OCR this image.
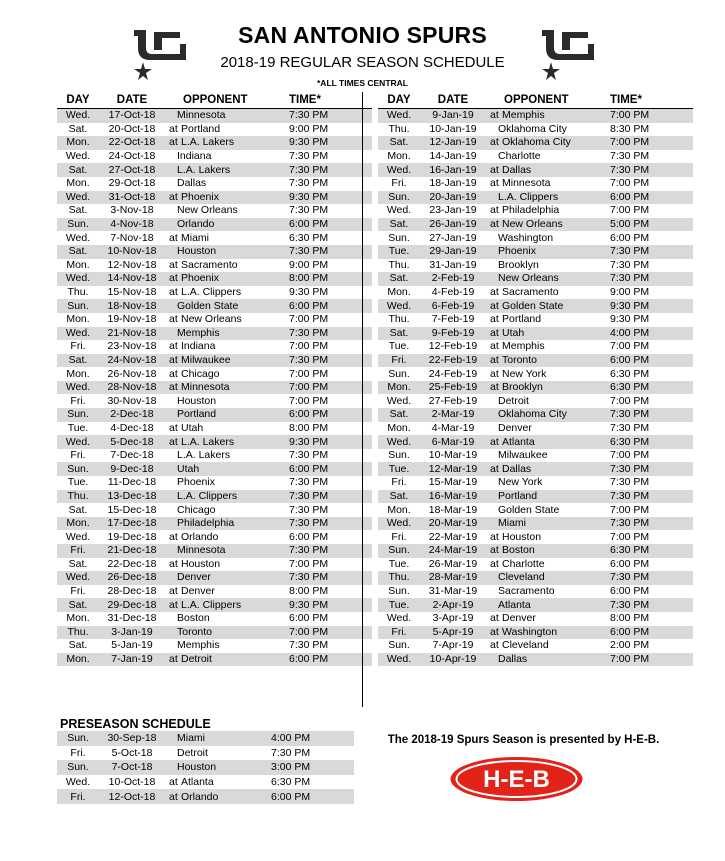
SAN ANTONIO SPURS
2018-19 REGULAR SEASON SCHEDULE
*ALL TIMES CENTRAL
DAY	DATE	OPPONENT	TIME*
Wed.	17-Oct-18	Minnesota	7:30 PM
Sat.	20-Oct-18	at Portland	9:00 PM
Mon.	22-Oct-18	at L.A. Lakers	9:30 PM
Wed.	24-Oct-18	Indiana	7:30 PM
Sat.	27-Oct-18	L.A. Lakers	7:30 PM
Mon.	29-Oct-18	Dallas	7:30 PM
Wed.	31-Oct-18	at Phoenix	9:30 PM
Sat.	3-Nov-18	New Orleans	7:30 PM
Sun.	4-Nov-18	Orlando	6:00 PM
Wed.	7-Nov-18	at Miami	6:30 PM
Sat.	10-Nov-18	Houston	7:30 PM
Mon.	12-Nov-18	at Sacramento	9:00 PM
Wed.	14-Nov-18	at Phoenix	8:00 PM
Thu.	15-Nov-18	at L.A. Clippers	9:30 PM
Sun.	18-Nov-18	Golden State	6:00 PM
Mon.	19-Nov-18	at New Orleans	7:00 PM
Wed.	21-Nov-18	Memphis	7:30 PM
Fri.	23-Nov-18	at Indiana	7:00 PM
Sat.	24-Nov-18	at Milwaukee	7:30 PM
Mon.	26-Nov-18	at Chicago	7:00 PM
Wed.	28-Nov-18	at Minnesota	7:00 PM
Fri.	30-Nov-18	Houston	7:00 PM
Sun.	2-Dec-18	Portland	6:00 PM
Tue.	4-Dec-18	at Utah	8:00 PM
Wed.	5-Dec-18	at L.A. Lakers	9:30 PM
Fri.	7-Dec-18	L.A. Lakers	7:30 PM
Sun.	9-Dec-18	Utah	6:00 PM
Tue.	11-Dec-18	Phoenix	7:30 PM
Thu.	13-Dec-18	L.A. Clippers	7:30 PM
Sat.	15-Dec-18	Chicago	7:30 PM
Mon.	17-Dec-18	Philadelphia	7:30 PM
Wed.	19-Dec-18	at Orlando	6:00 PM
Fri.	21-Dec-18	Minnesota	7:30 PM
Sat.	22-Dec-18	at Houston	7:00 PM
Wed.	26-Dec-18	Denver	7:30 PM
Fri.	28-Dec-18	at Denver	8:00 PM
Sat.	29-Dec-18	at L.A. Clippers	9:30 PM
Mon.	31-Dec-18	Boston	6:00 PM
Thu.	3-Jan-19	Toronto	7:00 PM
Sat.	5-Jan-19	Memphis	7:30 PM
Mon.	7-Jan-19	at Detroit	6:00 PM
DAY	DATE	OPPONENT	TIME*
Wed.	9-Jan-19	at Memphis	7:00 PM
Thu.	10-Jan-19	Oklahoma City	8:30 PM
Sat.	12-Jan-19	at Oklahoma City	7:00 PM
Mon.	14-Jan-19	Charlotte	7:30 PM
Wed.	16-Jan-19	at Dallas	7:30 PM
Fri.	18-Jan-19	at Minnesota	7:00 PM
Sun.	20-Jan-19	L.A. Clippers	6:00 PM
Wed.	23-Jan-19	at Philadelphia	7:00 PM
Sat.	26-Jan-19	at New Orleans	5:00 PM
Sun.	27-Jan-19	Washington	6:00 PM
Tue.	29-Jan-19	Phoenix	7:30 PM
Thu.	31-Jan-19	Brooklyn	7:30 PM
Sat.	2-Feb-19	New Orleans	7:30 PM
Mon.	4-Feb-19	at Sacramento	9:00 PM
Wed.	6-Feb-19	at Golden State	9:30 PM
Thu.	7-Feb-19	at Portland	9:30 PM
Sat.	9-Feb-19	at Utah	4:00 PM
Tue.	12-Feb-19	at Memphis	7:00 PM
Fri.	22-Feb-19	at Toronto	6:00 PM
Sun.	24-Feb-19	at New York	6:30 PM
Mon.	25-Feb-19	at Brooklyn	6:30 PM
Wed.	27-Feb-19	Detroit	7:00 PM
Sat.	2-Mar-19	Oklahoma City	7:30 PM
Mon.	4-Mar-19	Denver	7:30 PM
Wed.	6-Mar-19	at Atlanta	6:30 PM
Sun.	10-Mar-19	Milwaukee	7:00 PM
Tue.	12-Mar-19	at Dallas	7:30 PM
Fri.	15-Mar-19	New York	7:30 PM
Sat.	16-Mar-19	Portland	7:30 PM
Mon.	18-Mar-19	Golden State	7:00 PM
Wed.	20-Mar-19	Miami	7:30 PM
Fri.	22-Mar-19	at Houston	7:00 PM
Sun.	24-Mar-19	at Boston	6:30 PM
Tue.	26-Mar-19	at Charlotte	6:00 PM
Thu.	28-Mar-19	Cleveland	7:30 PM
Sun.	31-Mar-19	Sacramento	6:00 PM
Tue.	2-Apr-19	Atlanta	7:30 PM
Wed.	3-Apr-19	at Denver	8:00 PM
Fri.	5-Apr-19	at Washington	6:00 PM
Sun.	7-Apr-19	at Cleveland	2:00 PM
Wed.	10-Apr-19	Dallas	7:00 PM
PRESEASON SCHEDULE
Sun.	30-Sep-18	Miami	4:00 PM
Fri.	5-Oct-18	Detroit	7:30 PM
Sun.	7-Oct-18	Houston	3:00 PM
Wed.	10-Oct-18	at Atlanta	6:30 PM
Fri.	12-Oct-18	at Orlando	6:00 PM
The 2018-19 Spurs Season is presented by H-E-B.
H-E-B
